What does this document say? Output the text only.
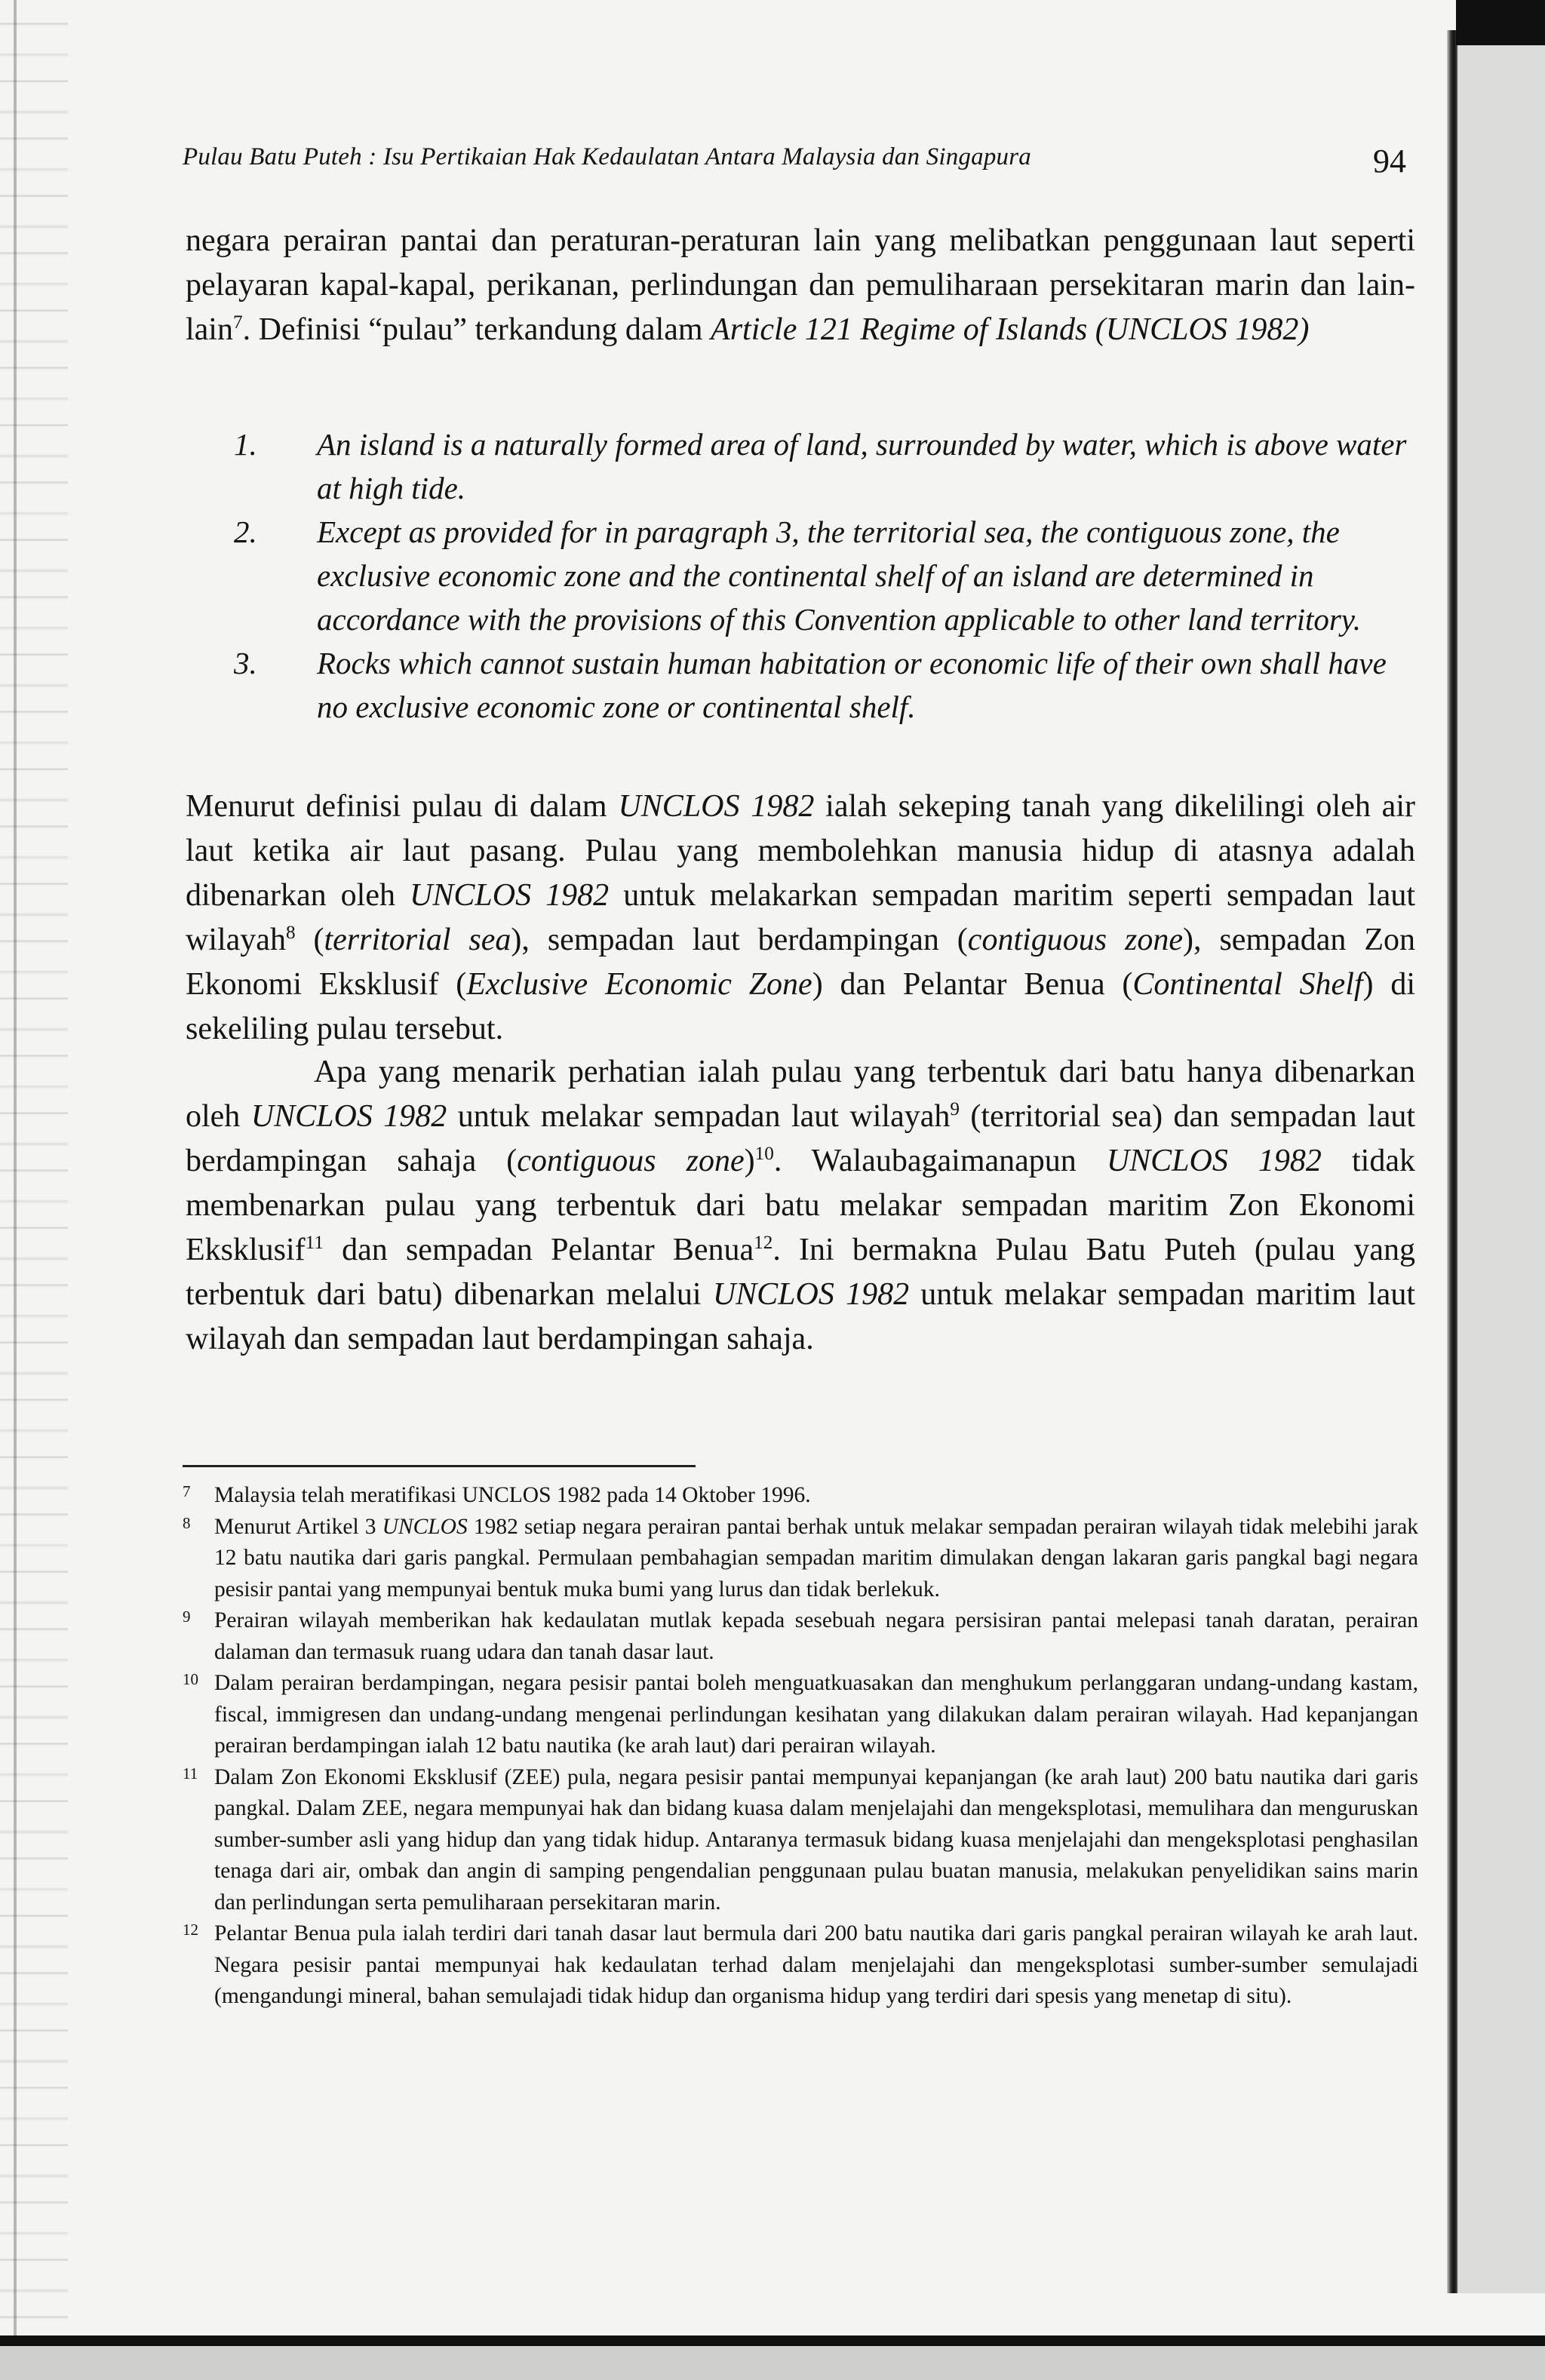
Pulau Batu Puteh : Isu Pertikaian Hak Kedaulatan Antara Malaysia dan Singapura	94
negara perairan pantai dan peraturan-peraturan lain yang melibatkan penggunaan laut seperti pelayaran kapal-kapal, perikanan, perlindungan dan pemuliharaan persekitaran marin dan lain-lain$^7$. Definisi “pulau” terkandung dalam Article 121 Regime of Islands (UNCLOS 1982)
1.	An island is a naturally formed area of land, surrounded by water, which is above water at high tide.
2.	Except as provided for in paragraph 3, the territorial sea, the contiguous zone, the exclusive economic zone and the continental shelf of an island are determined in accordance with the provisions of this Convention applicable to other land territory.
3.	Rocks which cannot sustain human habitation or economic life of their own shall have no exclusive economic zone or continental shelf.
Menurut definisi pulau di dalam UNCLOS 1982 ialah sekeping tanah yang dikelilingi oleh air laut ketika air laut pasang. Pulau yang membolehkan manusia hidup di atasnya adalah dibenarkan oleh UNCLOS 1982 untuk melakarkan sempadan maritim seperti sempadan laut wilayah$^8$ (territorial sea), sempadan laut berdampingan (contiguous zone), sempadan Zon Ekonomi Eksklusif (Exclusive Economic Zone) dan Pelantar Benua (Continental Shelf) di sekeliling pulau tersebut.
Apa yang menarik perhatian ialah pulau yang terbentuk dari batu hanya dibenarkan oleh UNCLOS 1982 untuk melakar sempadan laut wilayah$^9$ (territorial sea) dan sempadan laut berdampingan sahaja (contiguous zone)$^{10}$. Walaubagaimanapun UNCLOS 1982 tidak membenarkan pulau yang terbentuk dari batu melakar sempadan maritim Zon Ekonomi Eksklusif$^{11}$ dan sempadan Pelantar Benua$^{12}$. Ini bermakna Pulau Batu Puteh (pulau yang terbentuk dari batu) dibenarkan melalui UNCLOS 1982 untuk melakar sempadan maritim laut wilayah dan sempadan laut berdampingan sahaja.
7	Malaysia telah meratifikasi UNCLOS 1982 pada 14 Oktober 1996.
8	Menurut Artikel 3 UNCLOS 1982 setiap negara perairan pantai berhak untuk melakar sempadan perairan wilayah tidak melebihi jarak 12 batu nautika dari garis pangkal. Permulaan pembahagian sempadan maritim dimulakan dengan lakaran garis pangkal bagi negara pesisir pantai yang mempunyai bentuk muka bumi yang lurus dan tidak berlekuk.
9	Perairan wilayah memberikan hak kedaulatan mutlak kepada sesebuah negara persisiran pantai melepasi tanah daratan, perairan dalaman dan termasuk ruang udara dan tanah dasar laut.
10 Dalam perairan berdampingan, negara pesisir pantai boleh menguatkuasakan dan menghukum perlanggaran undang-undang kastam, fiscal, immigresen dan undang-undang mengenai perlindungan kesihatan yang dilakukan dalam perairan wilayah. Had kepanjangan perairan berdampingan ialah 12 batu nautika (ke arah laut) dari perairan wilayah.
11 Dalam Zon Ekonomi Eksklusif (ZEE) pula, negara pesisir pantai mempunyai kepanjangan (ke arah laut) 200 batu nautika dari garis pangkal. Dalam ZEE, negara mempunyai hak dan bidang kuasa dalam menjelajahi dan mengeksplotasi, memulihara dan menguruskan sumber-sumber asli yang hidup dan yang tidak hidup. Antaranya termasuk bidang kuasa menjelajahi dan mengeksplotasi penghasilan tenaga dari air, ombak dan angin di samping pengendalian penggunaan pulau buatan manusia, melakukan penyelidikan sains marin dan perlindungan serta pemuliharaan persekitaran marin.
12 Pelantar Benua pula ialah terdiri dari tanah dasar laut bermula dari 200 batu nautika dari garis pangkal perairan wilayah ke arah laut. Negara pesisir pantai mempunyai hak kedaulatan terhad dalam menjelajahi dan mengeksplotasi sumber-sumber semulajadi (mengandungi mineral, bahan semulajadi tidak hidup dan organisma hidup yang terdiri dari spesis yang menetap di situ).
